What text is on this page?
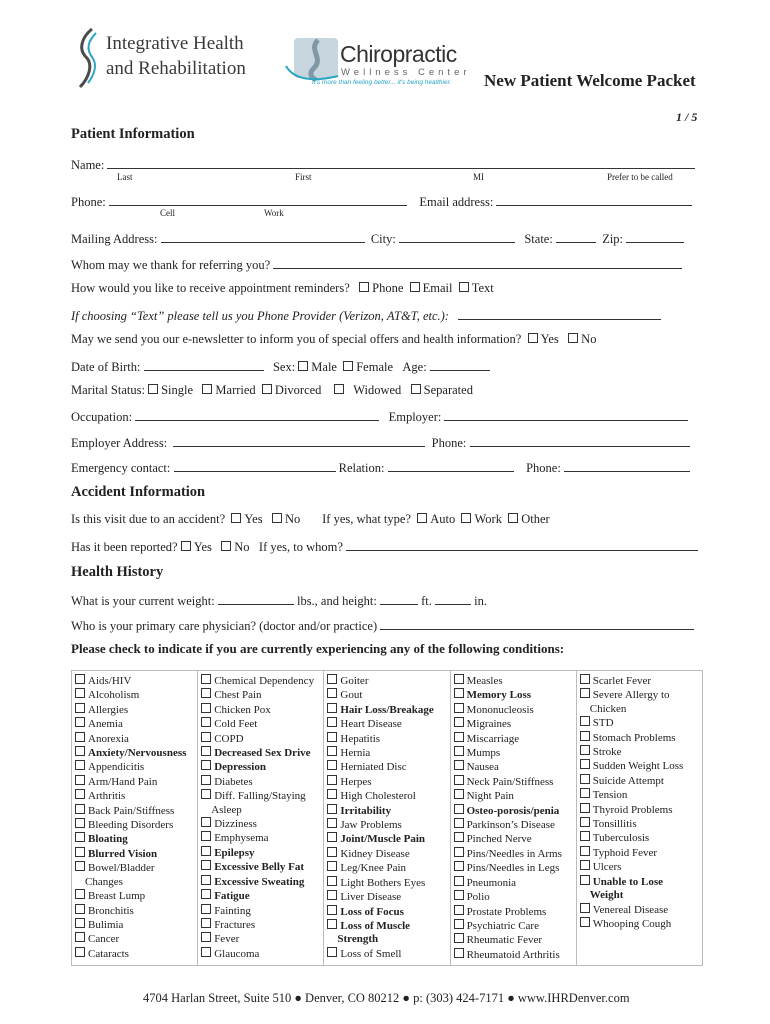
Integrative Health
and Rehabilitation
Chiropractic
Wellness Center
It's more than feeling better... it's being healthier. New Patient Welcome Packet
1 / 5
Patient Information
Name:
Last	First	MI	Prefer to be called
Phone:	Email address:
Cell	Work
Mailing Address:	City:	State:	Zip:
Whom may we thank for referring you?
How would you like to receive appointment reminders? Phone Email Text
If choosing “Text” please tell us you Phone Provider (Verizon, AT&T, etc.):
May we send you our e-newsletter to inform you of special offers and health information? Yes No
Date of Birth:	Sex: Male Female Age:
Marital Status: Single Married Divorced	Widowed Separated
Occupation:	Employer:
Employer Address:	Phone:
Emergency contact:	Relation:	Phone:
Accident Information
Is this visit due to an accident? Yes No If yes, what type? Auto Work Other
Has it been reported? Yes No If yes, to whom?
Health History
What is your current weight:	lbs., and height:	ft.	in.
Who is your primary care physician? (doctor and/or practice)
Please check to indicate if you are currently experiencing any of the following conditions:
Aids/HIV
Alcoholism
Allergies
Anemia
Anorexia
Anxiety/Nervousness
Appendicitis
Arm/Hand Pain
Arthritis
Back Pain/Stiffness
Bleeding Disorders
Bloating
Blurred Vision
Bowel/Bladder
Changes
Breast Lump
Bronchitis
Bulimia
Cancer
Cataracts

Chemical Dependency
Chest Pain
Chicken Pox
Cold Feet
COPD
Decreased Sex Drive
Depression
Diabetes
Diff. Falling/Staying
Asleep
Dizziness
Emphysema
Epilepsy
Excessive Belly Fat
Excessive Sweating
Fatigue
Fainting
Fractures
Fever
Glaucoma

Goiter
Gout
Hair Loss/Breakage
Heart Disease
Hepatitis
Hernia
Herniated Disc
Herpes
High Cholesterol
Irritability
Jaw Problems
Joint/Muscle Pain
Kidney Disease
Leg/Knee Pain
Light Bothers Eyes
Liver Disease
Loss of Focus
Loss of Muscle
Strength
Loss of Smell

Measles
Memory Loss
Mononucleosis
Migraines
Miscarriage
Mumps
Nausea
Neck Pain/Stiffness
Night Pain
Osteo-porosis/penia
Parkinson’s Disease
Pinched Nerve
Pins/Needles in Arms
Pins/Needles in Legs
Pneumonia
Polio
Prostate Problems
Psychiatric Care
Rheumatic Fever
Rheumatoid Arthritis

Scarlet Fever
Severe Allergy to
Chicken
STD
Stomach Problems
Stroke
Sudden Weight Loss
Suicide Attempt
Tension
Thyroid Problems
Tonsillitis
Tuberculosis
Typhoid Fever
Ulcers
Unable to Lose
Weight
Venereal Disease
Whooping Cough
4704 Harlan Street, Suite 510 ● Denver, CO 80212 ● p: (303) 424-7171 ● www.IHRDenver.com
